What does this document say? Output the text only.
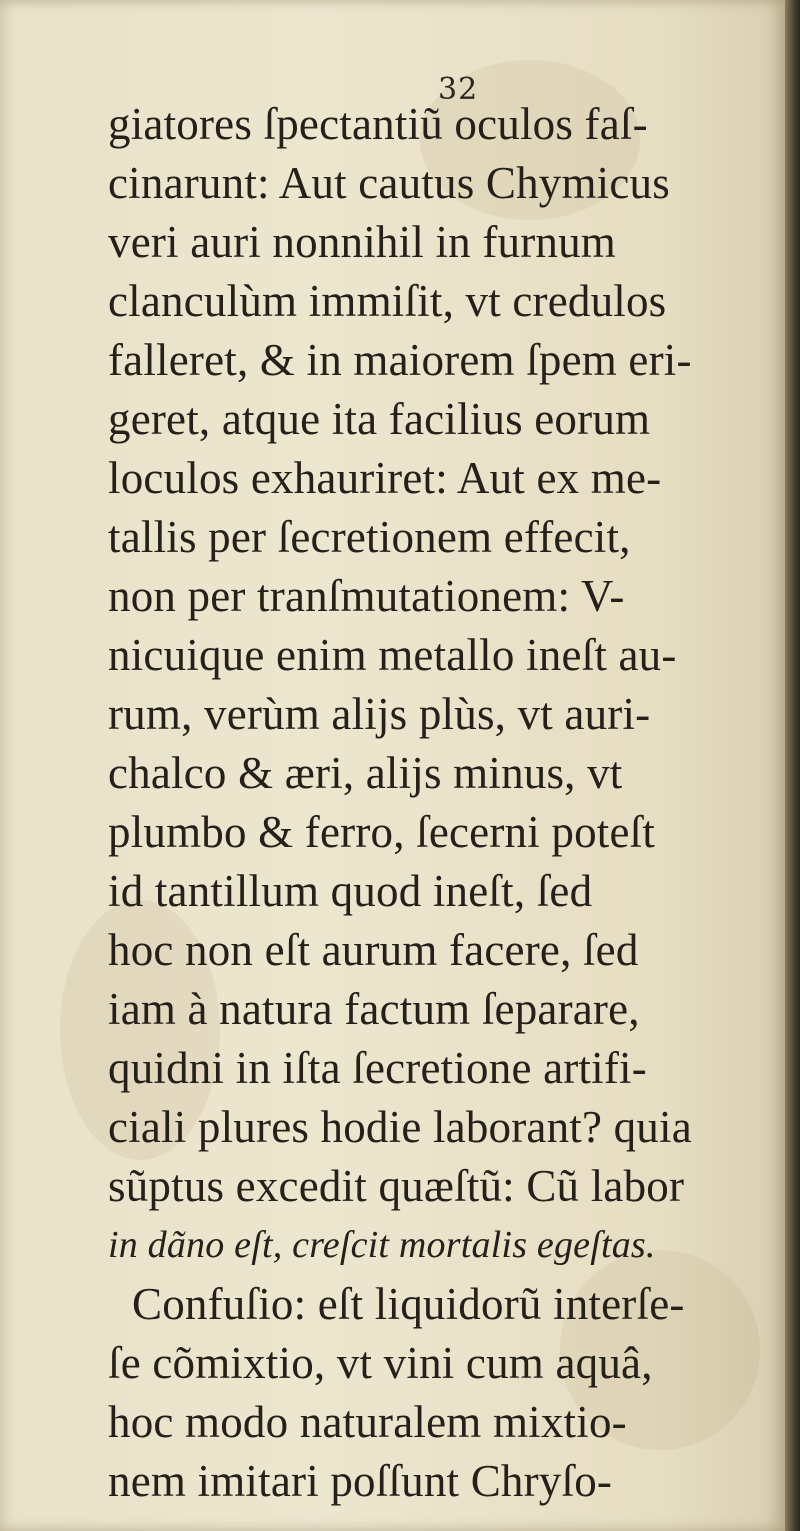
32
giatores ſpectantiũ oculos faſ-
cinarunt: Aut cautus Chymicus
veri auri nonnihil in furnum
clanculùm immiſit, vt credulos
falleret, & in maiorem ſpem eri-
geret, atque ita facilius eorum
loculos exhauriret: Aut ex me-
tallis per ſecretionem effecit,
non per tranſmutationem: V-
nicuique enim metallo ineſt au-
rum, verùm alijs plùs, vt auri-
chalco & æri, alijs minus, vt
plumbo & ferro, ſecerni poteſt
id tantillum quod ineſt, ſed
hoc non eſt aurum facere, ſed
iam à natura factum ſeparare,
quidni in iſta ſecretione artifi-
ciali plures hodie laborant? quia
sũptus excedit quæſtũ: Cũ labor
in dãno eſt, creſcit mortalis egeſtas.
Confuſio: eſt liquidorũ interſe-
ſe cõmixtio, vt vini cum aquâ,
hoc modo naturalem mixtio-
nem imitari poſſunt Chryſo-
